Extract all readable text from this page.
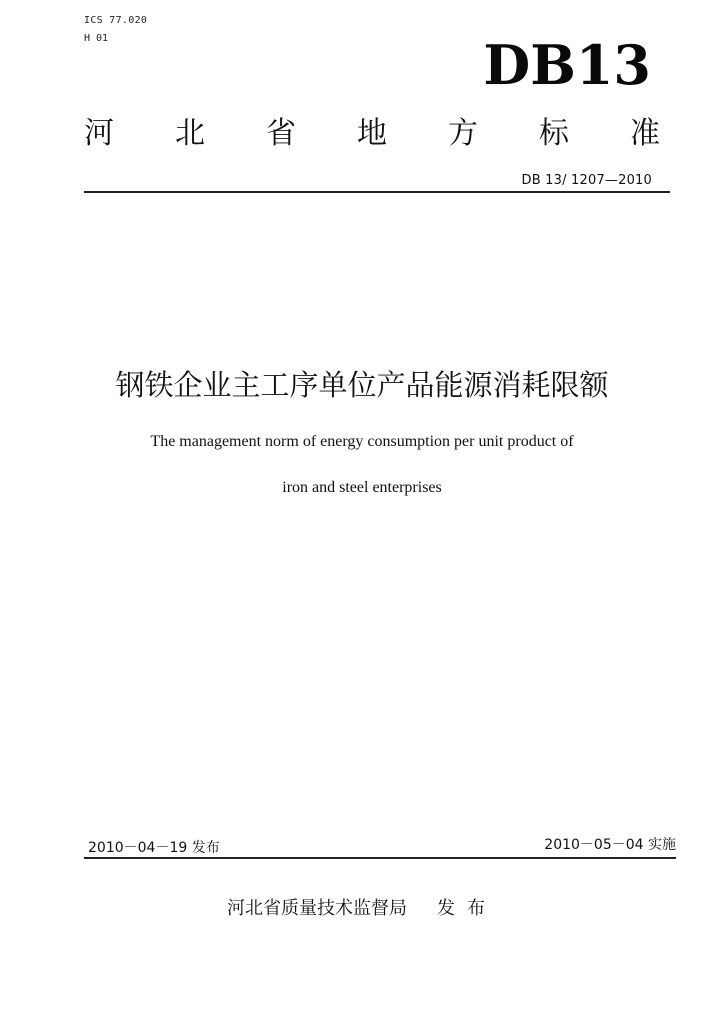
ICS 77.020
H 01	DB13
河 北 省 地 方 标 准
DB 13/ 1207—2010
钢铁企业主工序单位产品能源消耗限额
The management norm of energy consumption per unit product of
iron and steel enterprises
2010－04－19 发布	2010－05－04 实施
河北省质量技术监督局 发布
